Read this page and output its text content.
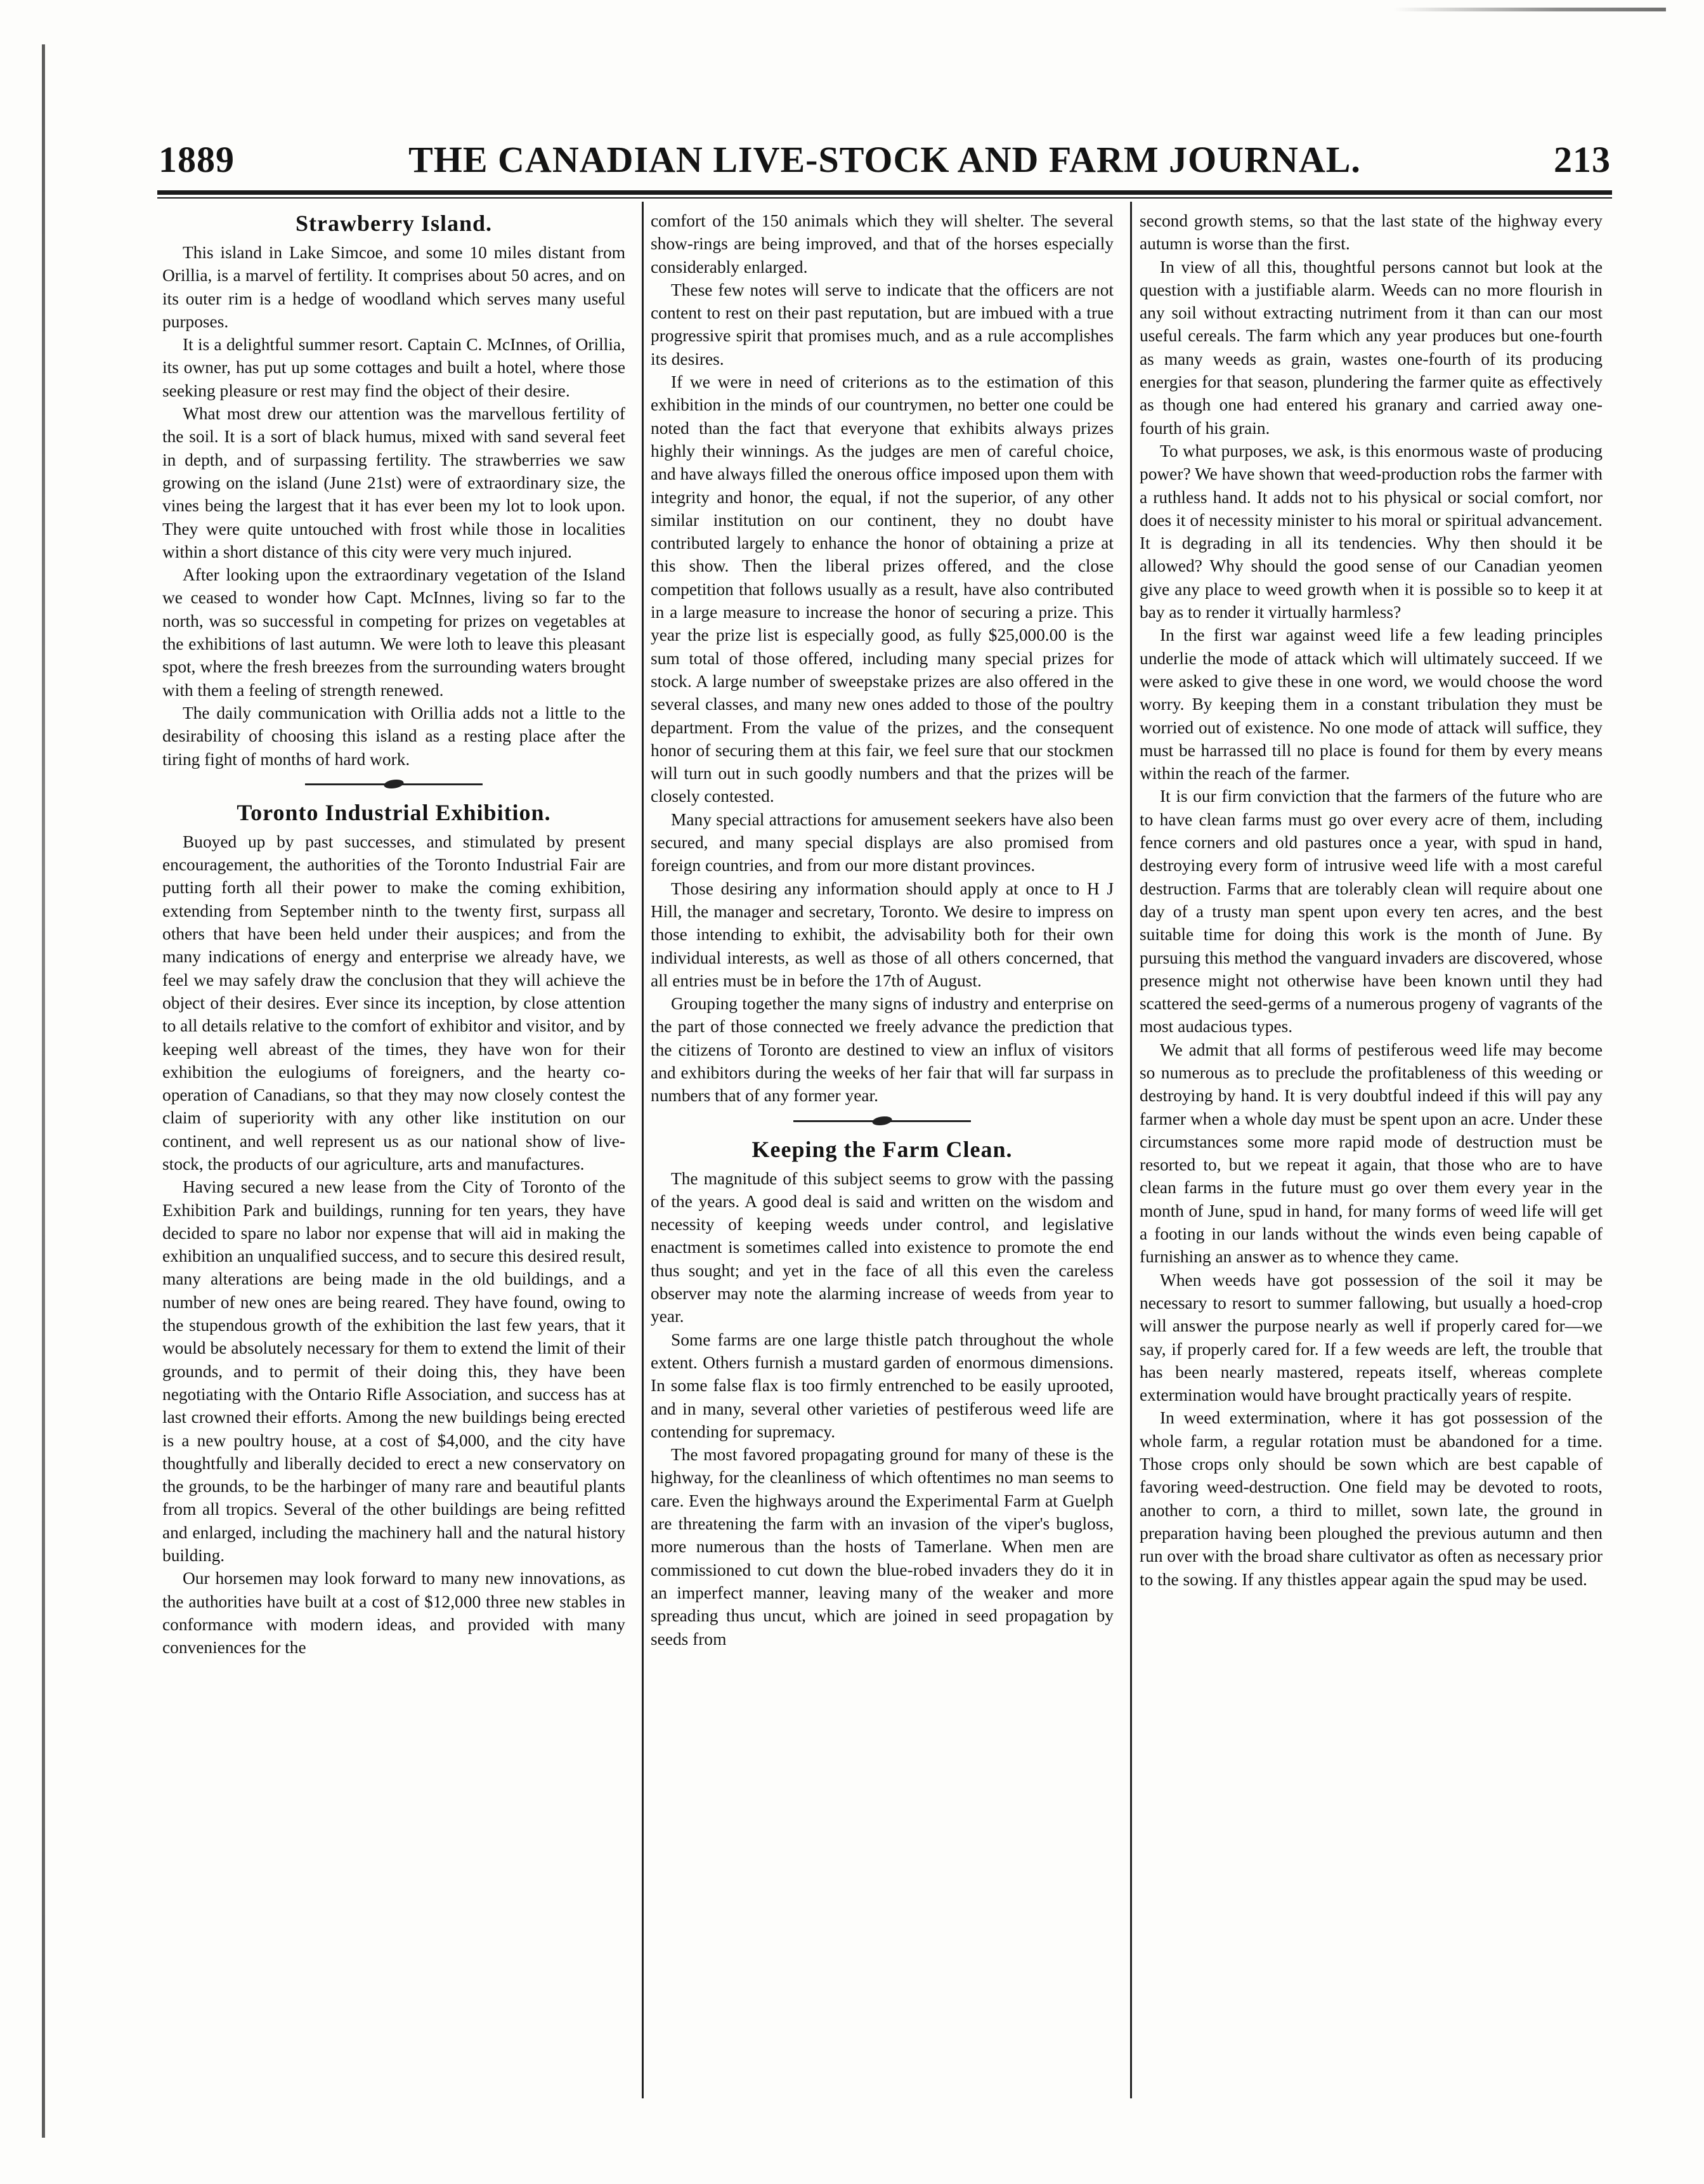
THE CANADIAN LIVE-STOCK AND FARM JOURNAL.
1889	213
Strawberry Island.

This island in Lake Simcoe, and some 10 miles distant from Orillia, is a marvel of fertility. It comprises about 50 acres, and on its outer rim is a hedge of woodland which serves many useful purposes.

It is a delightful summer resort. Captain C. McInnes, of Orillia, its owner, has put up some cottages and built a hotel, where those seeking pleasure or rest may find the object of their desire.

What most drew our attention was the marvellous fertility of the soil. It is a sort of black humus, mixed with sand several feet in depth, and of surpassing fertility. The strawberries we saw growing on the island (June 21st) were of extraordinary size, the vines being the largest that it has ever been my lot to look upon. They were quite untouched with frost while those in localities within a short distance of this city were very much injured.

After looking upon the extraordinary vegetation of the Island we ceased to wonder how Capt. McInnes, living so far to the north, was so successful in competing for prizes on vegetables at the exhibitions of last autumn. We were loth to leave this pleasant spot, where the fresh breezes from the surrounding waters brought with them a feeling of strength renewed.

The daily communication with Orillia adds not a little to the desirability of choosing this island as a resting place after the tiring fight of months of hard work.

Toronto Industrial Exhibition.

Buoyed up by past successes, and stimulated by present encouragement, the authorities of the Toronto Industrial Fair are putting forth all their power to make the coming exhibition, extending from September ninth to the twenty first, surpass all others that have been held under their auspices; and from the many indications of energy and enterprise we already have, we feel we may safely draw the conclusion that they will achieve the object of their desires. Ever since its inception, by close attention to all details relative to the comfort of exhibitor and visitor, and by keeping well abreast of the times, they have won for their exhibition the eulogiums of foreigners, and the hearty co-operation of Canadians, so that they may now closely contest the claim of superiority with any other like institution on our continent, and well represent us as our national show of live-stock, the products of our agriculture, arts and manufactures.

Having secured a new lease from the City of Toronto of the Exhibition Park and buildings, running for ten years, they have decided to spare no labor nor expense that will aid in making the exhibition an unqualified success, and to secure this desired result, many alterations are being made in the old buildings, and a number of new ones are being reared. They have found, owing to the stupendous growth of the exhibition the last few years, that it would be absolutely necessary for them to extend the limit of their grounds, and to permit of their doing this, they have been negotiating with the Ontario Rifle Association, and success has at last crowned their efforts. Among the new buildings being erected is a new poultry house, at a cost of $4,000, and the city have thoughtfully and liberally decided to erect a new conservatory on the grounds, to be the harbinger of many rare and beautiful plants from all tropics. Several of the other buildings are being refitted and enlarged, including the machinery hall and the natural history building.

Our horsemen may look forward to many new innovations, as the authorities have built at a cost of $12,000 three new stables in conformance with modern ideas, and provided with many conveniences for the

comfort of the 150 animals which they will shelter. The several show-rings are being improved, and that of the horses especially considerably enlarged.

These few notes will serve to indicate that the officers are not content to rest on their past reputation, but are imbued with a true progressive spirit that promises much, and as a rule accomplishes its desires.

If we were in need of criterions as to the estimation of this exhibition in the minds of our countrymen, no better one could be noted than the fact that everyone that exhibits always prizes highly their winnings. As the judges are men of careful choice, and have always filled the onerous office imposed upon them with integrity and honor, the equal, if not the superior, of any other similar institution on our continent, they no doubt have contributed largely to enhance the honor of obtaining a prize at this show. Then the liberal prizes offered, and the close competition that follows usually as a result, have also contributed in a large measure to increase the honor of securing a prize. This year the prize list is especially good, as fully $25,000.00 is the sum total of those offered, including many special prizes for stock. A large number of sweepstake prizes are also offered in the several classes, and many new ones added to those of the poultry department. From the value of the prizes, and the consequent honor of securing them at this fair, we feel sure that our stockmen will turn out in such goodly numbers and that the prizes will be closely contested.

Many special attractions for amusement seekers have also been secured, and many special displays are also promised from foreign countries, and from our more distant provinces.

Those desiring any information should apply at once to H J Hill, the manager and secretary, Toronto. We desire to impress on those intending to exhibit, the advisability both for their own individual interests, as well as those of all others concerned, that all entries must be in before the 17th of August.

Grouping together the many signs of industry and enterprise on the part of those connected we freely advance the prediction that the citizens of Toronto are destined to view an influx of visitors and exhibitors during the weeks of her fair that will far surpass in numbers that of any former year.

Keeping the Farm Clean.

The magnitude of this subject seems to grow with the passing of the years. A good deal is said and written on the wisdom and necessity of keeping weeds under control, and legislative enactment is sometimes called into existence to promote the end thus sought; and yet in the face of all this even the careless observer may note the alarming increase of weeds from year to year.

Some farms are one large thistle patch throughout the whole extent. Others furnish a mustard garden of enormous dimensions. In some false flax is too firmly entrenched to be easily uprooted, and in many, several other varieties of pestiferous weed life are contending for supremacy.

The most favored propagating ground for many of these is the highway, for the cleanliness of which oftentimes no man seems to care. Even the highways around the Experimental Farm at Guelph are threatening the farm with an invasion of the viper's bugloss, more numerous than the hosts of Tamerlane. When men are commissioned to cut down the blue-robed invaders they do it in an imperfect manner, leaving many of the weaker and more spreading thus uncut, which are joined in seed propagation by seeds from

second growth stems, so that the last state of the highway every autumn is worse than the first.

In view of all this, thoughtful persons cannot but look at the question with a justifiable alarm. Weeds can no more flourish in any soil without extracting nutriment from it than can our most useful cereals. The farm which any year produces but one-fourth as many weeds as grain, wastes one-fourth of its producing energies for that season, plundering the farmer quite as effectively as though one had entered his granary and carried away one-fourth of his grain.

To what purposes, we ask, is this enormous waste of producing power? We have shown that weed-production robs the farmer with a ruthless hand. It adds not to his physical or social comfort, nor does it of necessity minister to his moral or spiritual advancement. It is degrading in all its tendencies. Why then should it be allowed? Why should the good sense of our Canadian yeomen give any place to weed growth when it is possible so to keep it at bay as to render it virtually harmless?

In the first war against weed life a few leading principles underlie the mode of attack which will ultimately succeed. If we were asked to give these in one word, we would choose the word worry. By keeping them in a constant tribulation they must be worried out of existence. No one mode of attack will suffice, they must be harrassed till no place is found for them by every means within the reach of the farmer.

It is our firm conviction that the farmers of the future who are to have clean farms must go over every acre of them, including fence corners and old pastures once a year, with spud in hand, destroying every form of intrusive weed life with a most careful destruction. Farms that are tolerably clean will require about one day of a trusty man spent upon every ten acres, and the best suitable time for doing this work is the month of June. By pursuing this method the vanguard invaders are discovered, whose presence might not otherwise have been known until they had scattered the seed-germs of a numerous progeny of vagrants of the most audacious types.

We admit that all forms of pestiferous weed life may become so numerous as to preclude the profitableness of this weeding or destroying by hand. It is very doubtful indeed if this will pay any farmer when a whole day must be spent upon an acre. Under these circumstances some more rapid mode of destruction must be resorted to, but we repeat it again, that those who are to have clean farms in the future must go over them every year in the month of June, spud in hand, for many forms of weed life will get a footing in our lands without the winds even being capable of furnishing an answer as to whence they came.

When weeds have got possession of the soil it may be necessary to resort to summer fallowing, but usually a hoed-crop will answer the purpose nearly as well if properly cared for—we say, if properly cared for. If a few weeds are left, the trouble that has been nearly mastered, repeats itself, whereas complete extermination would have brought practically years of respite.

In weed extermination, where it has got possession of the whole farm, a regular rotation must be abandoned for a time. Those crops only should be sown which are best capable of favoring weed-destruction. One field may be devoted to roots, another to corn, a third to millet, sown late, the ground in preparation having been ploughed the previous autumn and then run over with the broad share cultivator as often as necessary prior to the sowing. If any thistles appear again the spud may be used.
